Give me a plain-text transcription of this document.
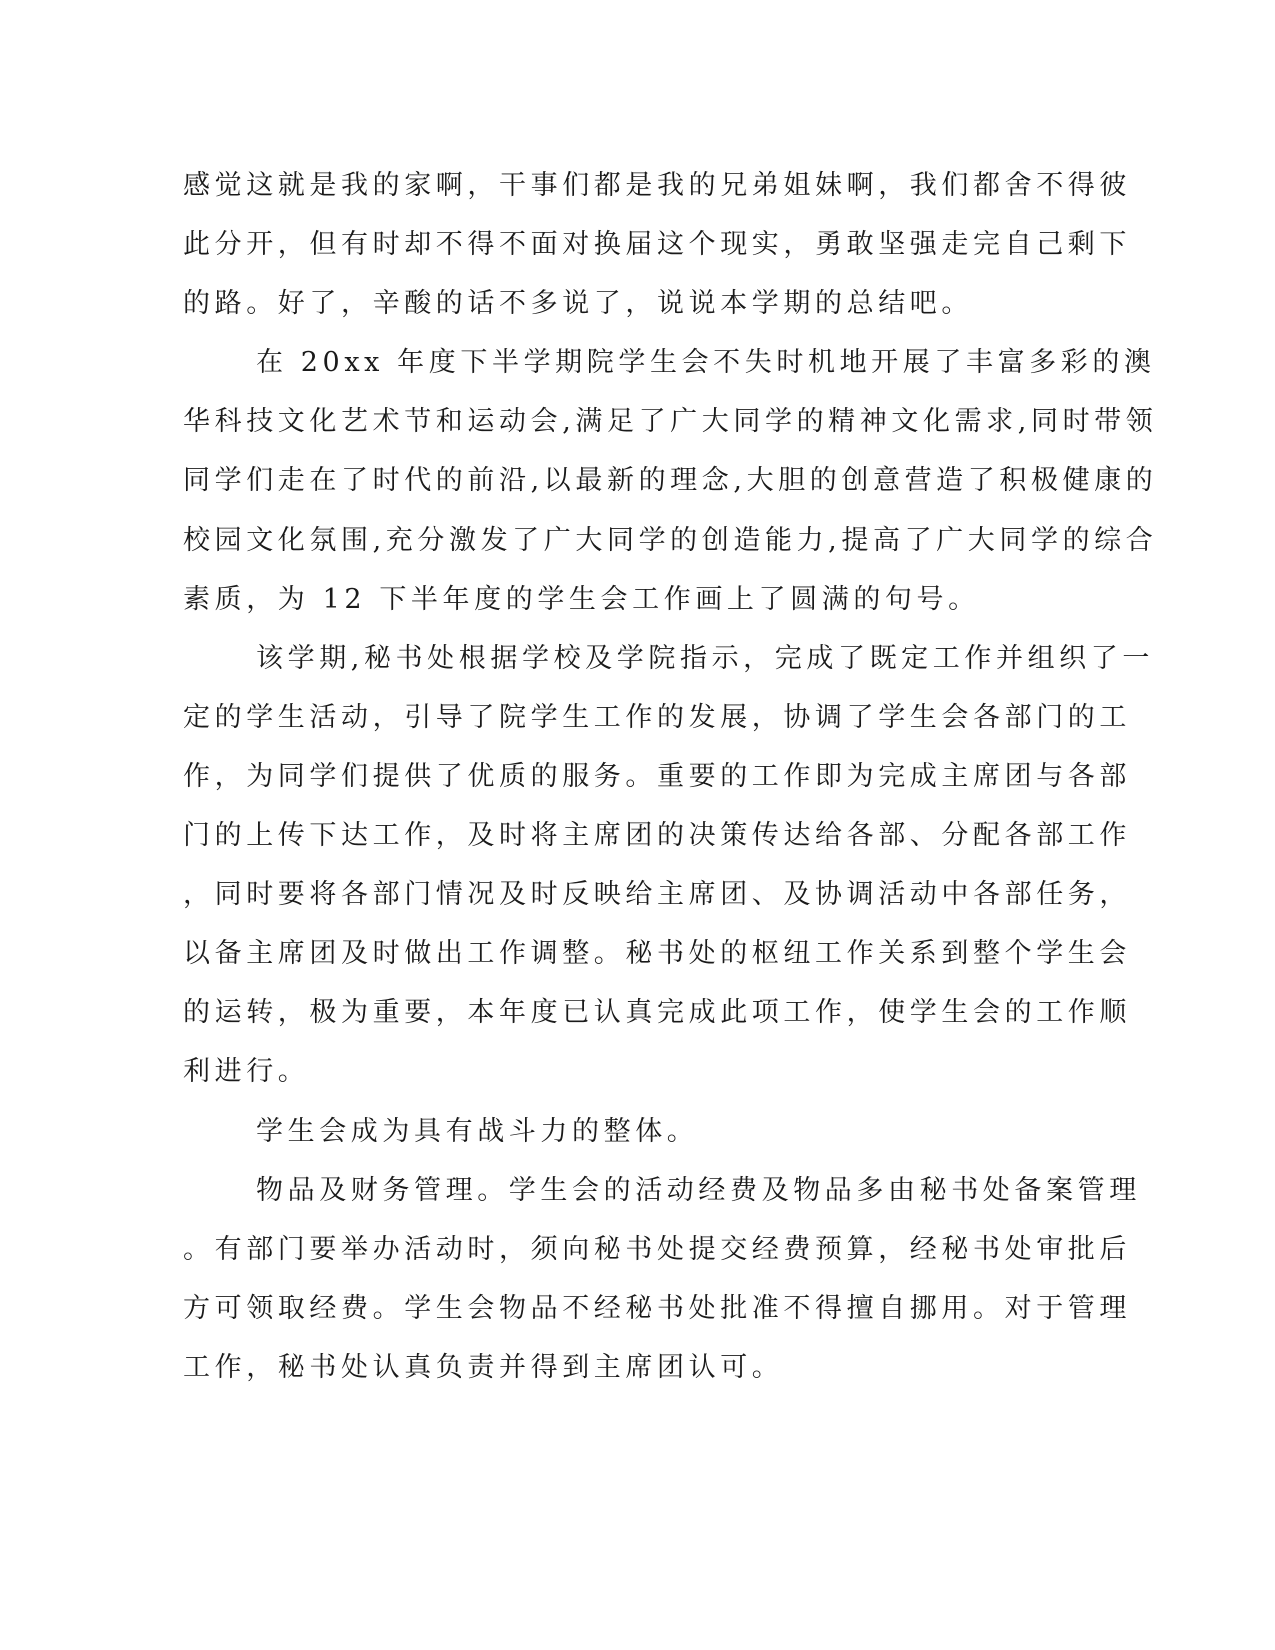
感觉这就是我的家啊，干事们都是我的兄弟姐妹啊，我们都舍不得彼
此分开，但有时却不得不面对换届这个现实，勇敢坚强走完自己剩下
的路。好了，辛酸的话不多说了，说说本学期的总结吧。
在 20xx 年度下半学期院学生会不失时机地开展了丰富多彩的澳
华科技文化艺术节和运动会,满足了广大同学的精神文化需求,同时带领
同学们走在了时代的前沿,以最新的理念,大胆的创意营造了积极健康的
校园文化氛围,充分激发了广大同学的创造能力,提高了广大同学的综合
素质，为 12 下半年度的学生会工作画上了圆满的句号。
该学期,秘书处根据学校及学院指示，完成了既定工作并组织了一
定的学生活动，引导了院学生工作的发展，协调了学生会各部门的工
作，为同学们提供了优质的服务。重要的工作即为完成主席团与各部
门的上传下达工作，及时将主席团的决策传达给各部、分配各部工作
，同时要将各部门情况及时反映给主席团、及协调活动中各部任务，
以备主席团及时做出工作调整。秘书处的枢纽工作关系到整个学生会
的运转，极为重要，本年度已认真完成此项工作，使学生会的工作顺
利进行。
学生会成为具有战斗力的整体。
物品及财务管理。学生会的活动经费及物品多由秘书处备案管理
。有部门要举办活动时，须向秘书处提交经费预算，经秘书处审批后
方可领取经费。学生会物品不经秘书处批准不得擅自挪用。对于管理
工作，秘书处认真负责并得到主席团认可。
